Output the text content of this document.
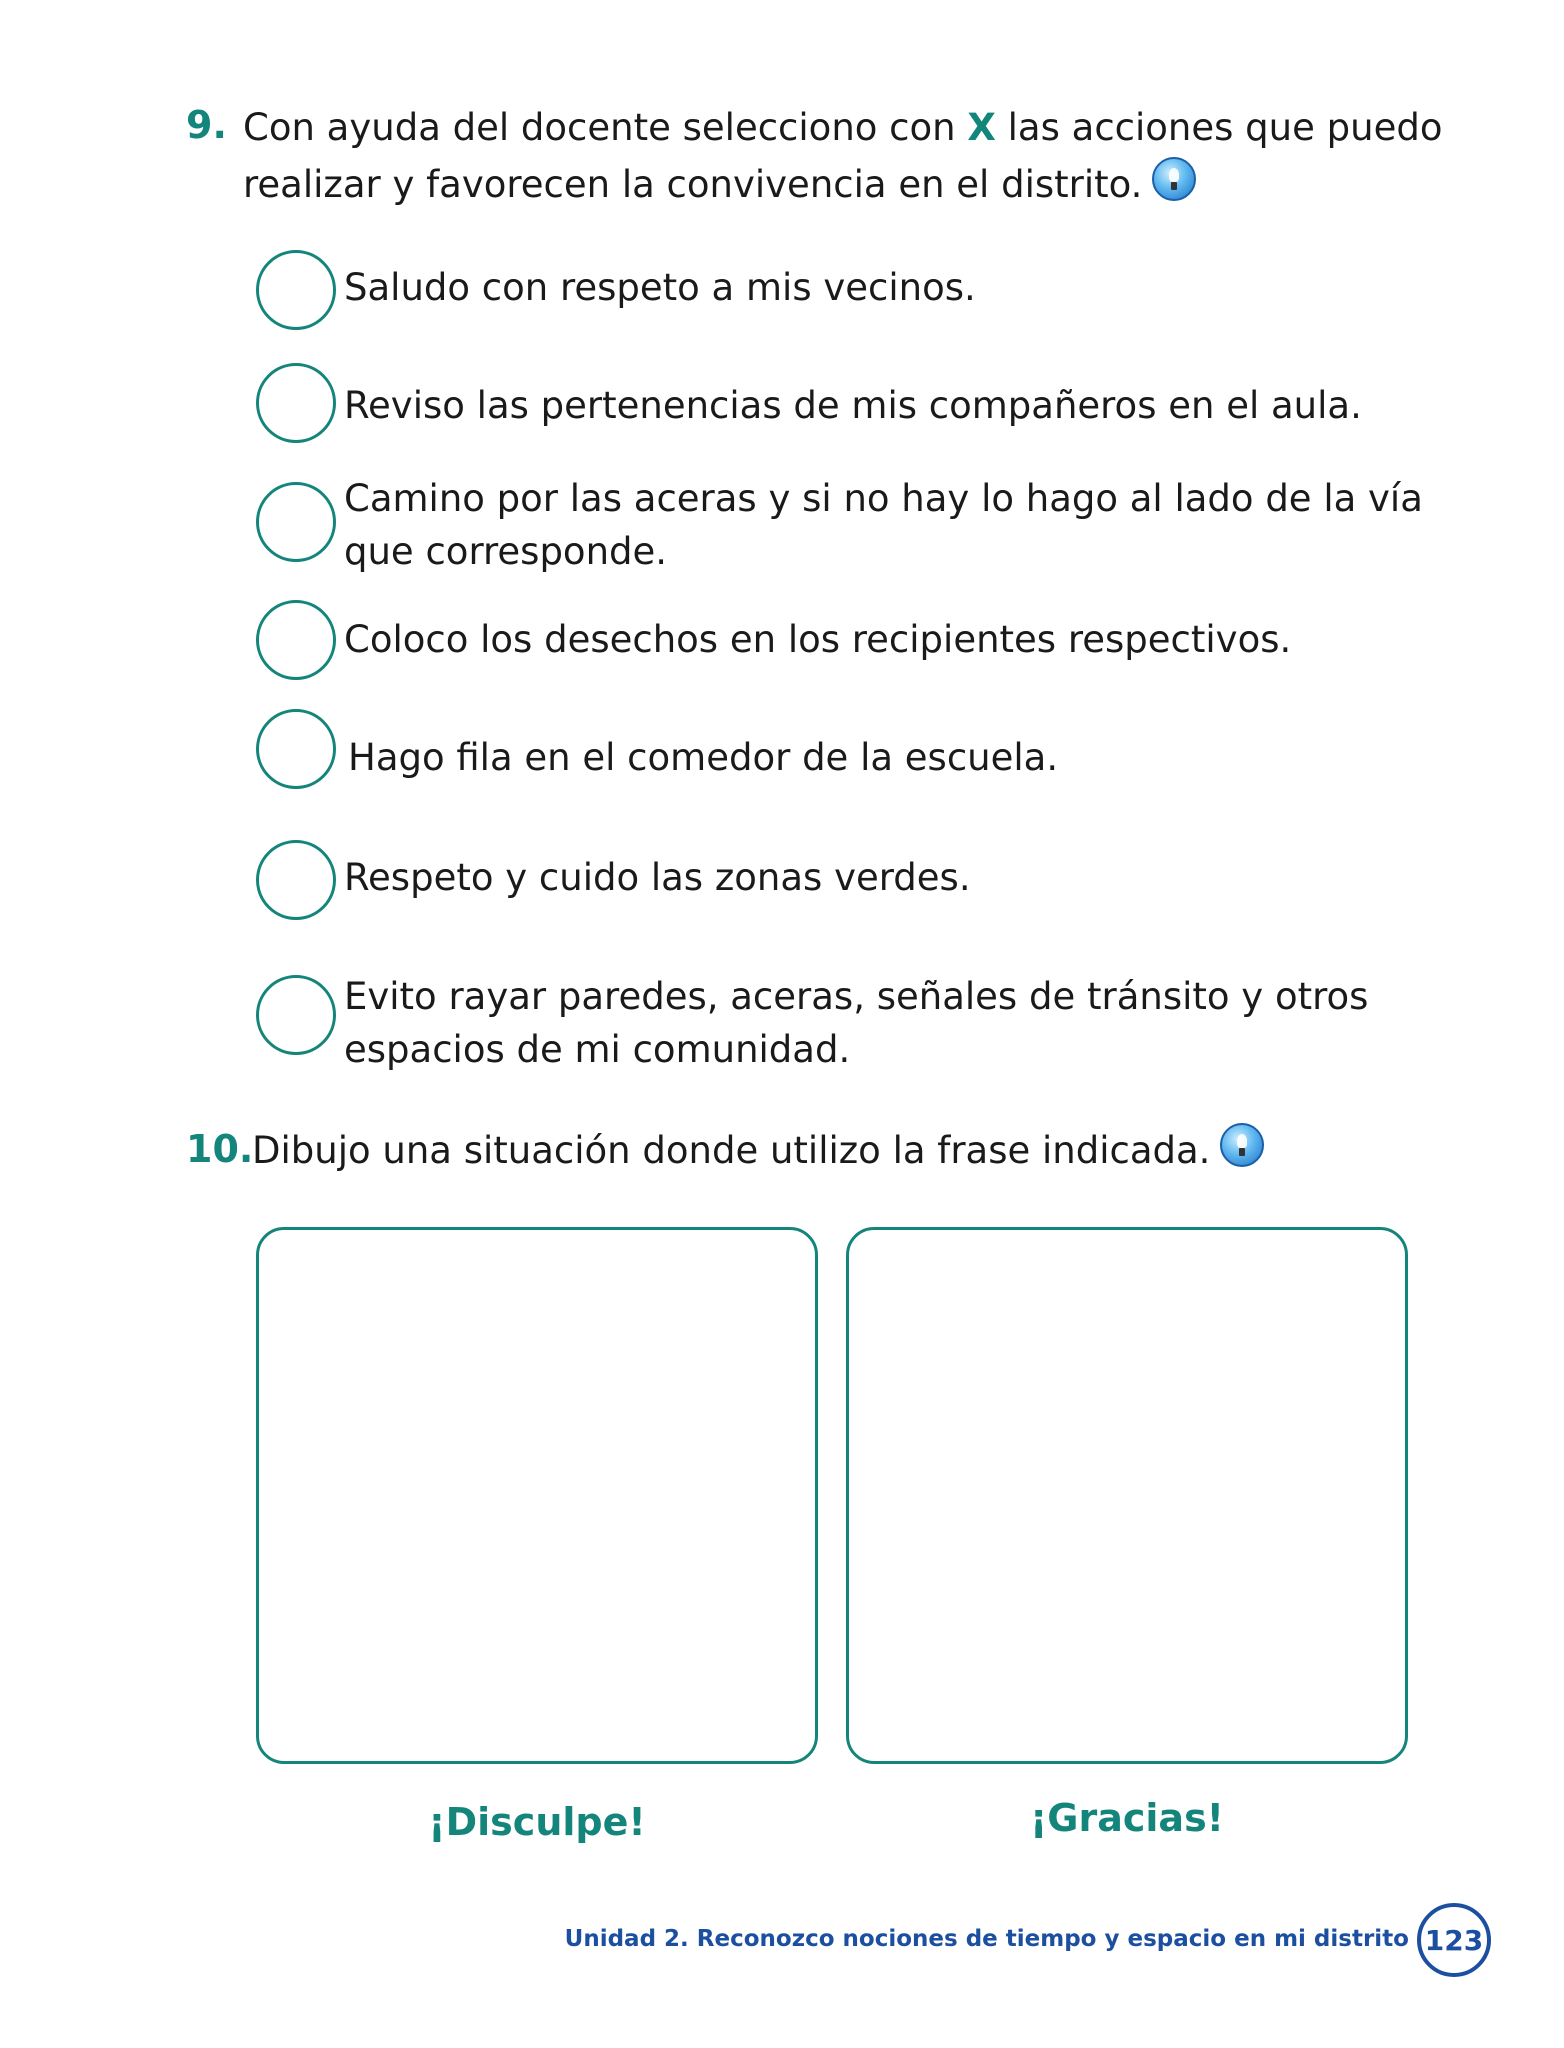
9. Con ayuda del docente selecciono con X las acciones que puedo
realizar y favorecen la convivencia en el distrito.
Saludo con respeto a mis vecinos.
Reviso las pertenencias de mis compañeros en el aula.
Camino por las aceras y si no hay lo hago al lado de la vía
que corresponde.
Coloco los desechos en los recipientes respectivos.
Hago fila en el comedor de la escuela.
Respeto y cuido las zonas verdes.
Evito rayar paredes, aceras, señales de tránsito y otros
espacios de mi comunidad.
10.
Dibujo una situación donde utilizo la frase indicada.
¡Disculpe!	¡Gracias!
Unidad 2. Reconozco nociones de tiempo y espacio en mi distrito 123
